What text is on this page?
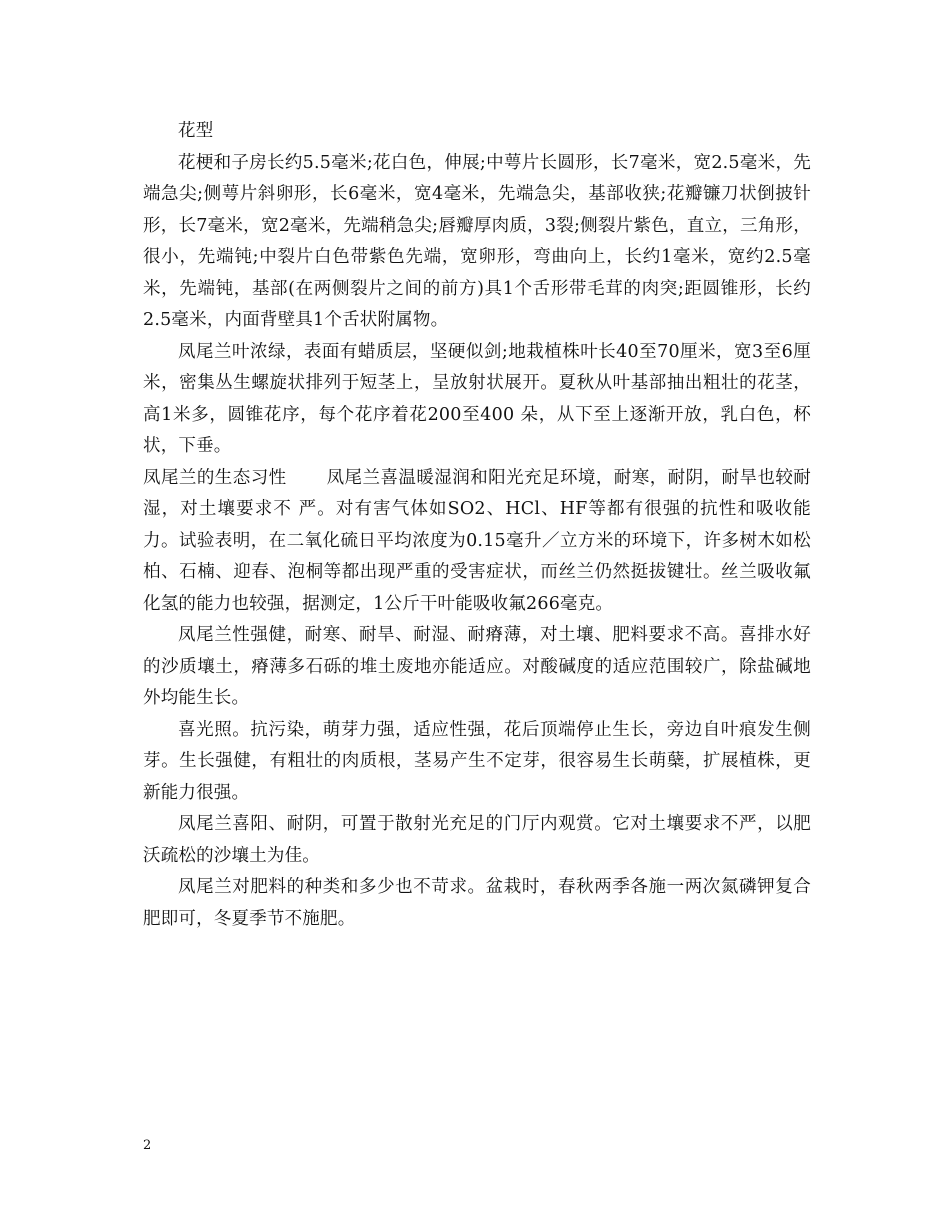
花型

花梗和子房长约5.5毫米;花白色，伸展;中萼片长圆形，长7毫米，宽2.5毫米，先端急尖;侧萼片斜卵形，长6毫米，宽4毫米，先端急尖，基部收狭;花瓣镰刀状倒披针形，长7毫米，宽2毫米，先端稍急尖;唇瓣厚肉质，3裂;侧裂片紫色，直立，三角形，很小，先端钝;中裂片白色带紫色先端，宽卵形，弯曲向上，长约1毫米，宽约2.5毫米，先端钝，基部(在两侧裂片之间的前方)具1个舌形带毛茸的肉突;距圆锥形，长约2.5毫米，内面背壁具1个舌状附属物。

凤尾兰叶浓绿，表面有蜡质层，坚硬似剑;地栽植株叶长40至70厘米，宽3至6厘米，密集丛生螺旋状排列于短茎上，呈放射状展开。夏秋从叶基部抽出粗壮的花茎，高1米多，圆锥花序，每个花序着花200至400 朵，从下至上逐渐开放，乳白色，杯状，下垂。

凤尾兰的生态习性 凤尾兰喜温暖湿润和阳光充足环境，耐寒，耐阴，耐旱也较耐湿，对土壤要求不 严。对有害气体如SO2、HCl、HF等都有很强的抗性和吸收能力。试验表明，在二氧化硫日平均浓度为0.15毫升／立方米的环境下，许多树木如松柏、石楠、迎春、泡桐等都出现严重的受害症状，而丝兰仍然挺拔键壮。丝兰吸收氟化氢的能力也较强，据测定，1公斤干叶能吸收氟266毫克。

凤尾兰性强健，耐寒、耐旱、耐湿、耐瘠薄，对土壤、肥料要求不高。喜排水好的沙质壤土，瘠薄多石砾的堆土废地亦能适应。对酸碱度的适应范围较广，除盐碱地外均能生长。

喜光照。抗污染，萌芽力强，适应性强，花后顶端停止生长，旁边自叶痕发生侧芽。生长强健，有粗壮的肉质根，茎易产生不定芽，很容易生长萌蘖，扩展植株，更新能力很强。

凤尾兰喜阳、耐阴，可置于散射光充足的门厅内观赏。它对土壤要求不严，以肥沃疏松的沙壤土为佳。

凤尾兰对肥料的种类和多少也不苛求。盆栽时，春秋两季各施一两次氮磷钾复合肥即可，冬夏季节不施肥。

2
